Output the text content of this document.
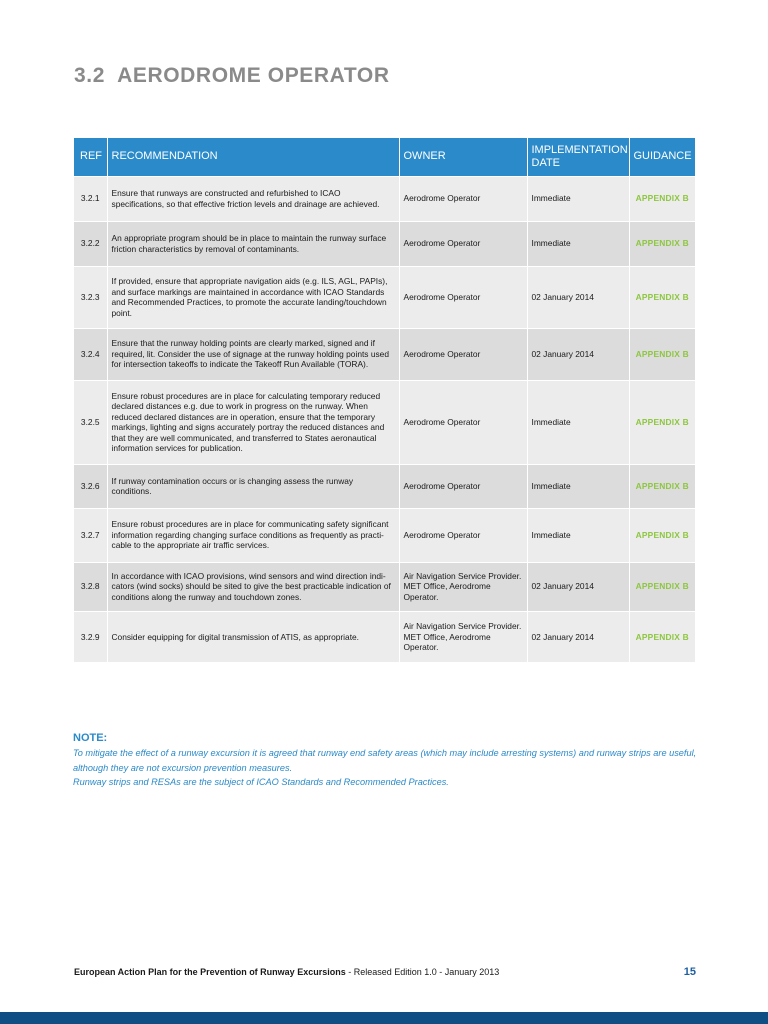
3.2 AERODROME OPERATOR
REF	RECOMMENDATION	OWNER	IMPLEMENTATION DATE	GUIDANCE
3.2.1	Ensure that runways are constructed and refurbished to ICAO specifications, so that effective friction levels and drainage are achieved.	Aerodrome Operator	Immediate	APPENDIX B
3.2.2	An appropriate program should be in place to maintain the runway surface friction characteristics by removal of contaminants.	Aerodrome Operator	Immediate	APPENDIX B
3.2.3	If provided, ensure that appropriate navigation aids (e.g. ILS, AGL, PAPIs), and surface markings are maintained in accordance with ICAO Standards and Recommended Practices, to promote the accurate landing/touchdown point.	Aerodrome Operator	02 January 2014	APPENDIX B
3.2.4	Ensure that the runway holding points are clearly marked, signed and if required, lit. Consider the use of signage at the runway holding points used for intersection takeoffs to indicate the Takeoff Run Available (TORA).	Aerodrome Operator	02 January 2014	APPENDIX B
3.2.5	Ensure robust procedures are in place for calculating temporary reduced declared distances e.g. due to work in progress on the runway. When reduced declared distances are in operation, ensure that the temporary markings, lighting and signs accurately portray the reduced distances and that they are well communicated, and transferred to States aeronautical information services for publication.	Aerodrome Operator	Immediate	APPENDIX B
3.2.6	If runway contamination occurs or is changing assess the runway conditions.	Aerodrome Operator	Immediate	APPENDIX B
3.2.7	Ensure robust procedures are in place for communicating safety significant information regarding changing surface conditions as frequently as practi-cable to the appropriate air traffic services.	Aerodrome Operator	Immediate	APPENDIX B
3.2.8	In accordance with ICAO provisions, wind sensors and wind direction indi-cators (wind socks) should be sited to give the best practicable indication of conditions along the runway and touchdown zones.	Air Navigation Service Provider. MET Office, Aerodrome Operator.	02 January 2014	APPENDIX B
3.2.9	Consider equipping for digital transmission of ATIS, as appropriate.	Air Navigation Service Provider. MET Office, Aerodrome Operator.	02 January 2014	APPENDIX B
NOTE:
To mitigate the effect of a runway excursion it is agreed that runway end safety areas (which may include arresting systems) and runway strips are useful, although they are not excursion prevention measures.
Runway strips and RESAs are the subject of ICAO Standards and Recommended Practices.
European Action Plan for the Prevention of Runway Excursions - Released Edition 1.0 - January 2013	15
